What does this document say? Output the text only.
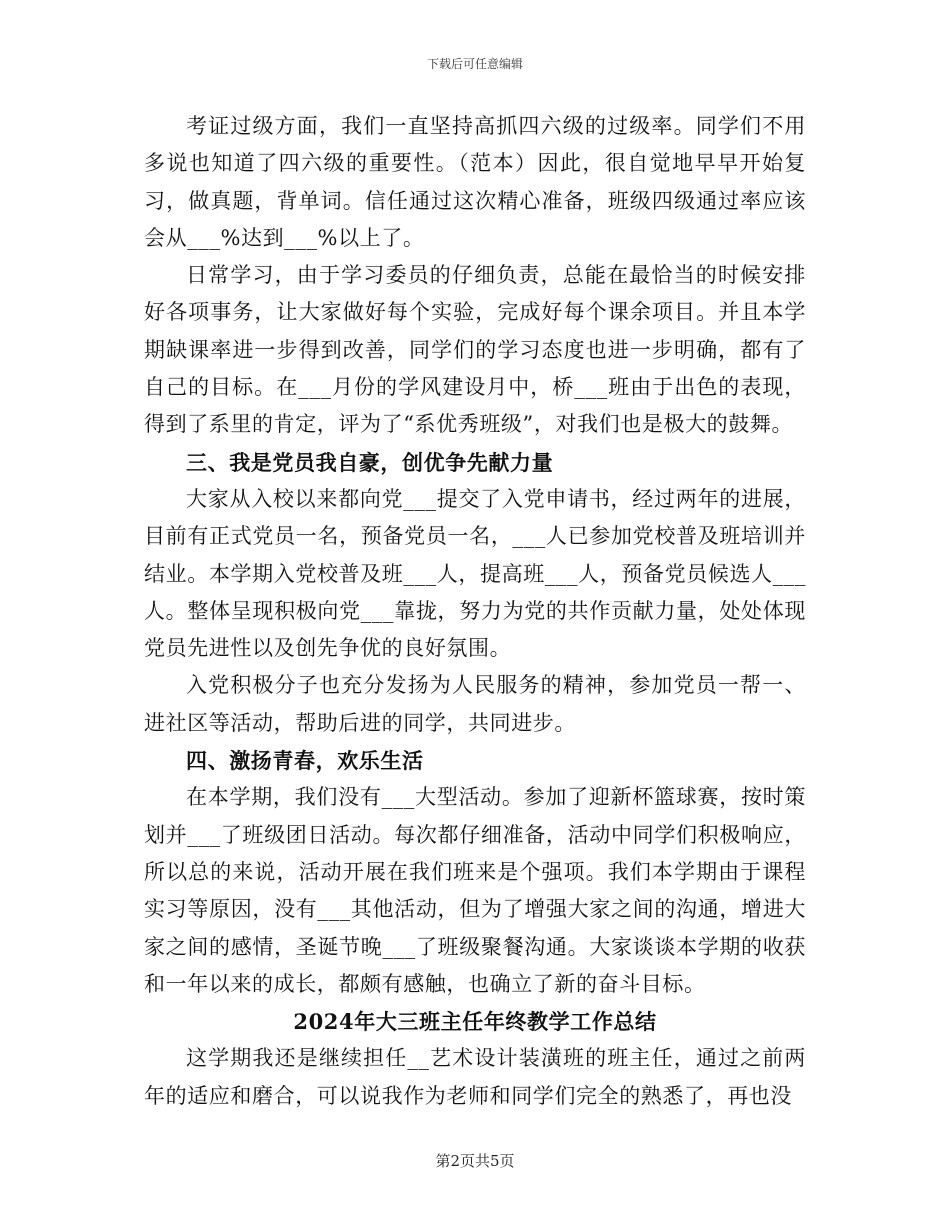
下载后可任意编辑

考证过级方面，我们一直坚持高抓四六级的过级率。同学们不用多说也知道了四六级的重要性。（范本）因此，很自觉地早早开始复习，做真题，背单词。信任通过这次精心准备，班级四级通过率应该会从___%达到___%以上了。

日常学习，由于学习委员的仔细负责，总能在最恰当的时候安排好各项事务，让大家做好每个实验，完成好每个课余项目。并且本学期缺课率进一步得到改善，同学们的学习态度也进一步明确，都有了自己的目标。在___月份的学风建设月中，桥___班由于出色的表现，得到了系里的肯定，评为了“系优秀班级”，对我们也是极大的鼓舞。

三、我是党员我自豪，创优争先献力量

大家从入校以来都向党___提交了入党申请书，经过两年的进展，目前有正式党员一名，预备党员一名，___人已参加党校普及班培训并结业。本学期入党校普及班___人，提高班___人，预备党员候选人___人。整体呈现积极向党___靠拢，努力为党的共作贡献力量，处处体现党员先进性以及创先争优的良好氛围。

入党积极分子也充分发扬为人民服务的精神，参加党员一帮一、进社区等活动，帮助后进的同学，共同进步。

四、激扬青春，欢乐生活

在本学期，我们没有___大型活动。参加了迎新杯篮球赛，按时策划并___了班级团日活动。每次都仔细准备，活动中同学们积极响应，所以总的来说，活动开展在我们班来是个强项。我们本学期由于课程实习等原因，没有___其他活动，但为了增强大家之间的沟通，增进大家之间的感情，圣诞节晚___了班级聚餐沟通。大家谈谈本学期的收获和一年以来的成长，都颇有感触，也确立了新的奋斗目标。

2024年大三班主任年终教学工作总结

这学期我还是继续担任__艺术设计装潢班的班主任，通过之前两年的适应和磨合，可以说我作为老师和同学们完全的熟悉了，再也没

第2页共5页
